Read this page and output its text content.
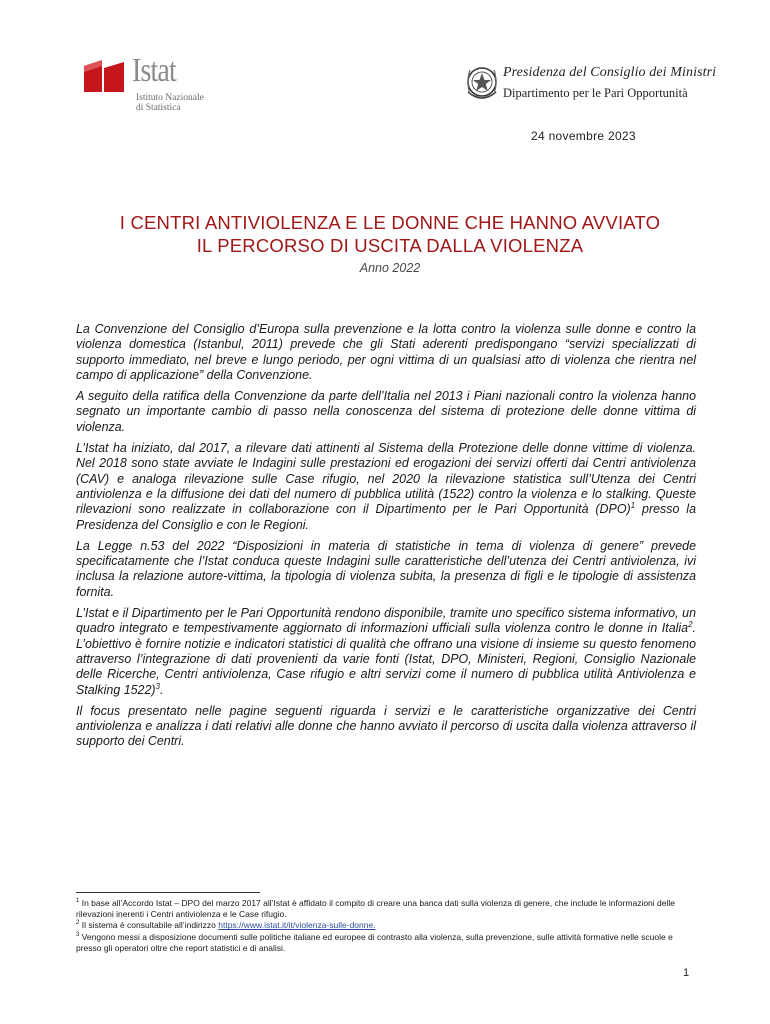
Istat
Istituto Nazionale
di Statistica
Presidenza del Consiglio dei Ministri
Dipartimento per le Pari Opportunità
24 novembre 2023
I CENTRI ANTIVIOLENZA E LE DONNE CHE HANNO AVVIATO
IL PERCORSO DI USCITA DALLA VIOLENZA
Anno 2022

La Convenzione del Consiglio d’Europa sulla prevenzione e la lotta contro la violenza sulle donne e contro la violenza domestica (Istanbul, 2011) prevede che gli Stati aderenti predispongano “servizi specializzati di supporto immediato, nel breve e lungo periodo, per ogni vittima di un qualsiasi atto di violenza che rientra nel campo di applicazione” della Convenzione.

A seguito della ratifica della Convenzione da parte dell’Italia nel 2013 i Piani nazionali contro la violenza hanno segnato un importante cambio di passo nella conoscenza del sistema di protezione delle donne vittima di violenza.

L’Istat ha iniziato, dal 2017, a rilevare dati attinenti al Sistema della Protezione delle donne vittime di violenza. Nel 2018 sono state avviate le Indagini sulle prestazioni ed erogazioni dei servizi offerti dai Centri antiviolenza (CAV) e analoga rilevazione sulle Case rifugio, nel 2020 la rilevazione statistica sull’Utenza dei Centri antiviolenza e la diffusione dei dati del numero di pubblica utilità (1522) contro la violenza e lo stalking. Queste rilevazioni sono realizzate in collaborazione con il Dipartimento per le Pari Opportunità (DPO)$^1$ presso la Presidenza del Consiglio e con le Regioni.

La Legge n.53 del 2022 “Disposizioni in materia di statistiche in tema di violenza di genere” prevede specificatamente che l’Istat conduca queste Indagini sulle caratteristiche dell’utenza dei Centri antiviolenza, ivi inclusa la relazione autore-vittima, la tipologia di violenza subita, la presenza di figli e le tipologie di assistenza fornita.

L’Istat e il Dipartimento per le Pari Opportunità rendono disponibile, tramite uno specifico sistema informativo, un quadro integrato e tempestivamente aggiornato di informazioni ufficiali sulla violenza contro le donne in Italia$^2$. L’obiettivo è fornire notizie e indicatori statistici di qualità che offrano una visione di insieme su questo fenomeno attraverso l’integrazione di dati provenienti da varie fonti (Istat, DPO, Ministeri, Regioni, Consiglio Nazionale delle Ricerche, Centri antiviolenza, Case rifugio e altri servizi come il numero di pubblica utilità Antiviolenza e Stalking 1522)$^3$.

Il focus presentato nelle pagine seguenti riguarda i servizi e le caratteristiche organizzative dei Centri antiviolenza e analizza i dati relativi alle donne che hanno avviato il percorso di uscita dalla violenza attraverso il supporto dei Centri.

$^1$ In base all’Accordo Istat – DPO del marzo 2017 all’Istat è affidato il compito di creare una banca dati sulla violenza di genere, che include le informazioni delle rilevazioni inerenti i Centri antiviolenza e le Case rifugio.

$^2$ Il sistema è consultabile all’indirizzo https://www.istat.it/it/violenza-sulle-donne.

$^3$ Vengono messi a disposizione documenti sulle politiche italiane ed europee di contrasto alla violenza, sulla prevenzione, sulle attività formative nelle scuole e presso gli operatori oltre che report statistici e di analisi.

1
